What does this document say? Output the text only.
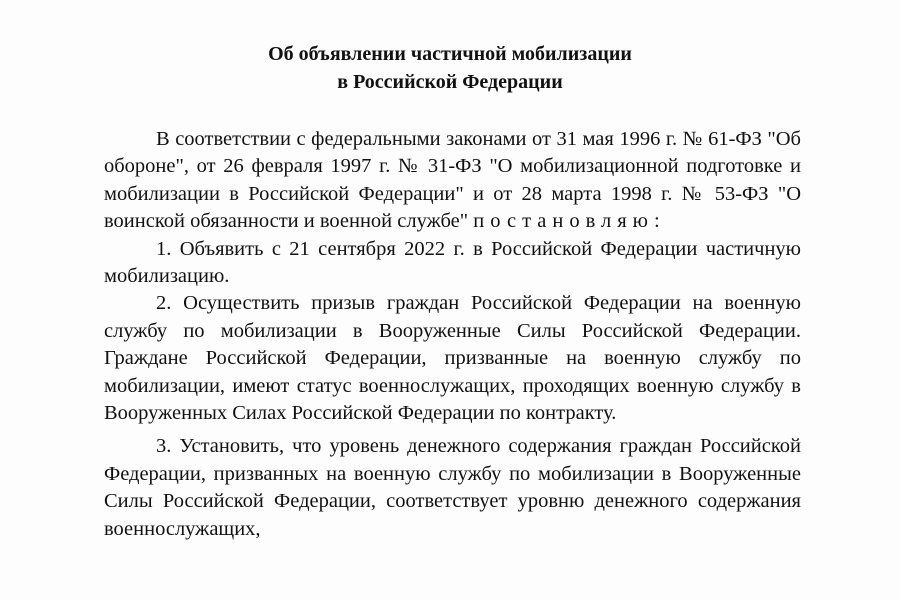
Об объявлении частичной мобилизации
в Российской Федерации

В соответствии с федеральными законами от 31 мая 1996 г. № 61-ФЗ "Об обороне", от 26 февраля 1997 г. № 31-ФЗ "О мобилизационной подготовке и мобилизации в Российской Федерации" и от 28 марта 1998 г. № 53-ФЗ "О воинской обязанности и военной службе" постановляю:

1. Объявить с 21 сентября 2022 г. в Российской Федерации частичную мобилизацию.

2. Осуществить призыв граждан Российской Федерации на военную службу по мобилизации в Вооруженные Силы Российской Федерации. Граждане Российской Федерации, призванные на военную службу по мобилизации, имеют статус военнослужащих, проходящих военную службу в Вооруженных Силах Российской Федерации по контракту.

3. Установить, что уровень денежного содержания граждан Российской Федерации, призванных на военную службу по мобилизации в Вооруженные Силы Российской Федерации, соответствует уровню денежного содержания военнослужащих,
